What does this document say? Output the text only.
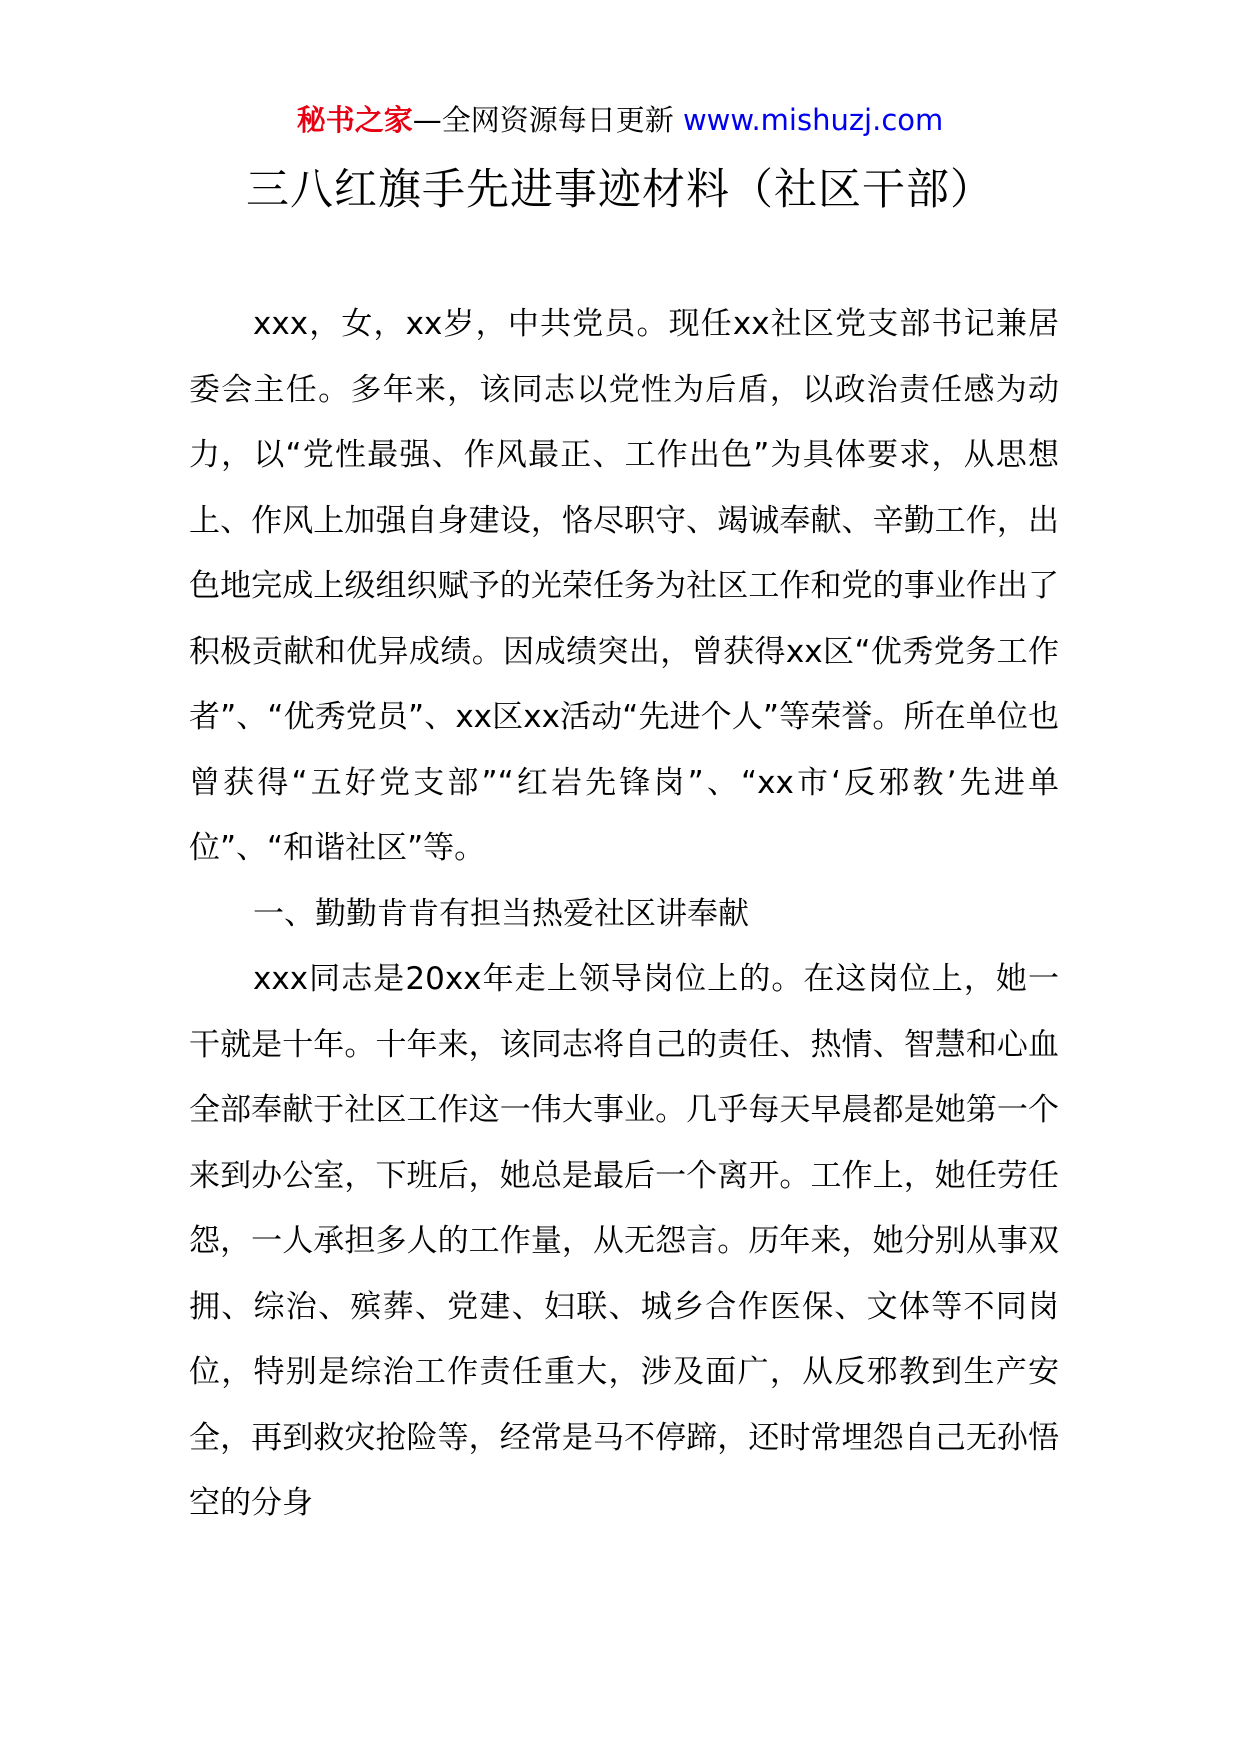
秘书之家—全网资源每日更新 www.mishuzj.com
三八红旗手先进事迹材料（社区干部）

xxx，女，xx岁，中共党员。现任xx社区党支部书记兼居委会主任。多年来，该同志以党性为后盾，以政治责任感为动力，以“党性最强、作风最正、工作出色”为具体要求，从思想上、作风上加强自身建设，恪尽职守、竭诚奉献、辛勤工作，出色地完成上级组织赋予的光荣任务为社区工作和党的事业作出了积极贡献和优异成绩。因成绩突出，曾获得xx区“优秀党务工作者”、“优秀党员”、xx区xx活动“先进个人”等荣誉。所在单位也曾获得“五好党支部”“红岩先锋岗”、“xx市‘反邪教’先进单位”、“和谐社区”等。

一、勤勤肯肯有担当热爱社区讲奉献

xxx同志是20xx年走上领导岗位上的。在这岗位上，她一干就是十年。十年来，该同志将自己的责任、热情、智慧和心血全部奉献于社区工作这一伟大事业。几乎每天早晨都是她第一个来到办公室，下班后，她总是最后一个离开。工作上，她任劳任怨，一人承担多人的工作量，从无怨言。历年来，她分别从事双拥、综治、殡葬、党建、妇联、城乡合作医保、文体等不同岗位，特别是综治工作责任重大，涉及面广，从反邪教到生产安全，再到救灾抢险等，经常是马不停蹄，还时常埋怨自己无孙悟空的分身
